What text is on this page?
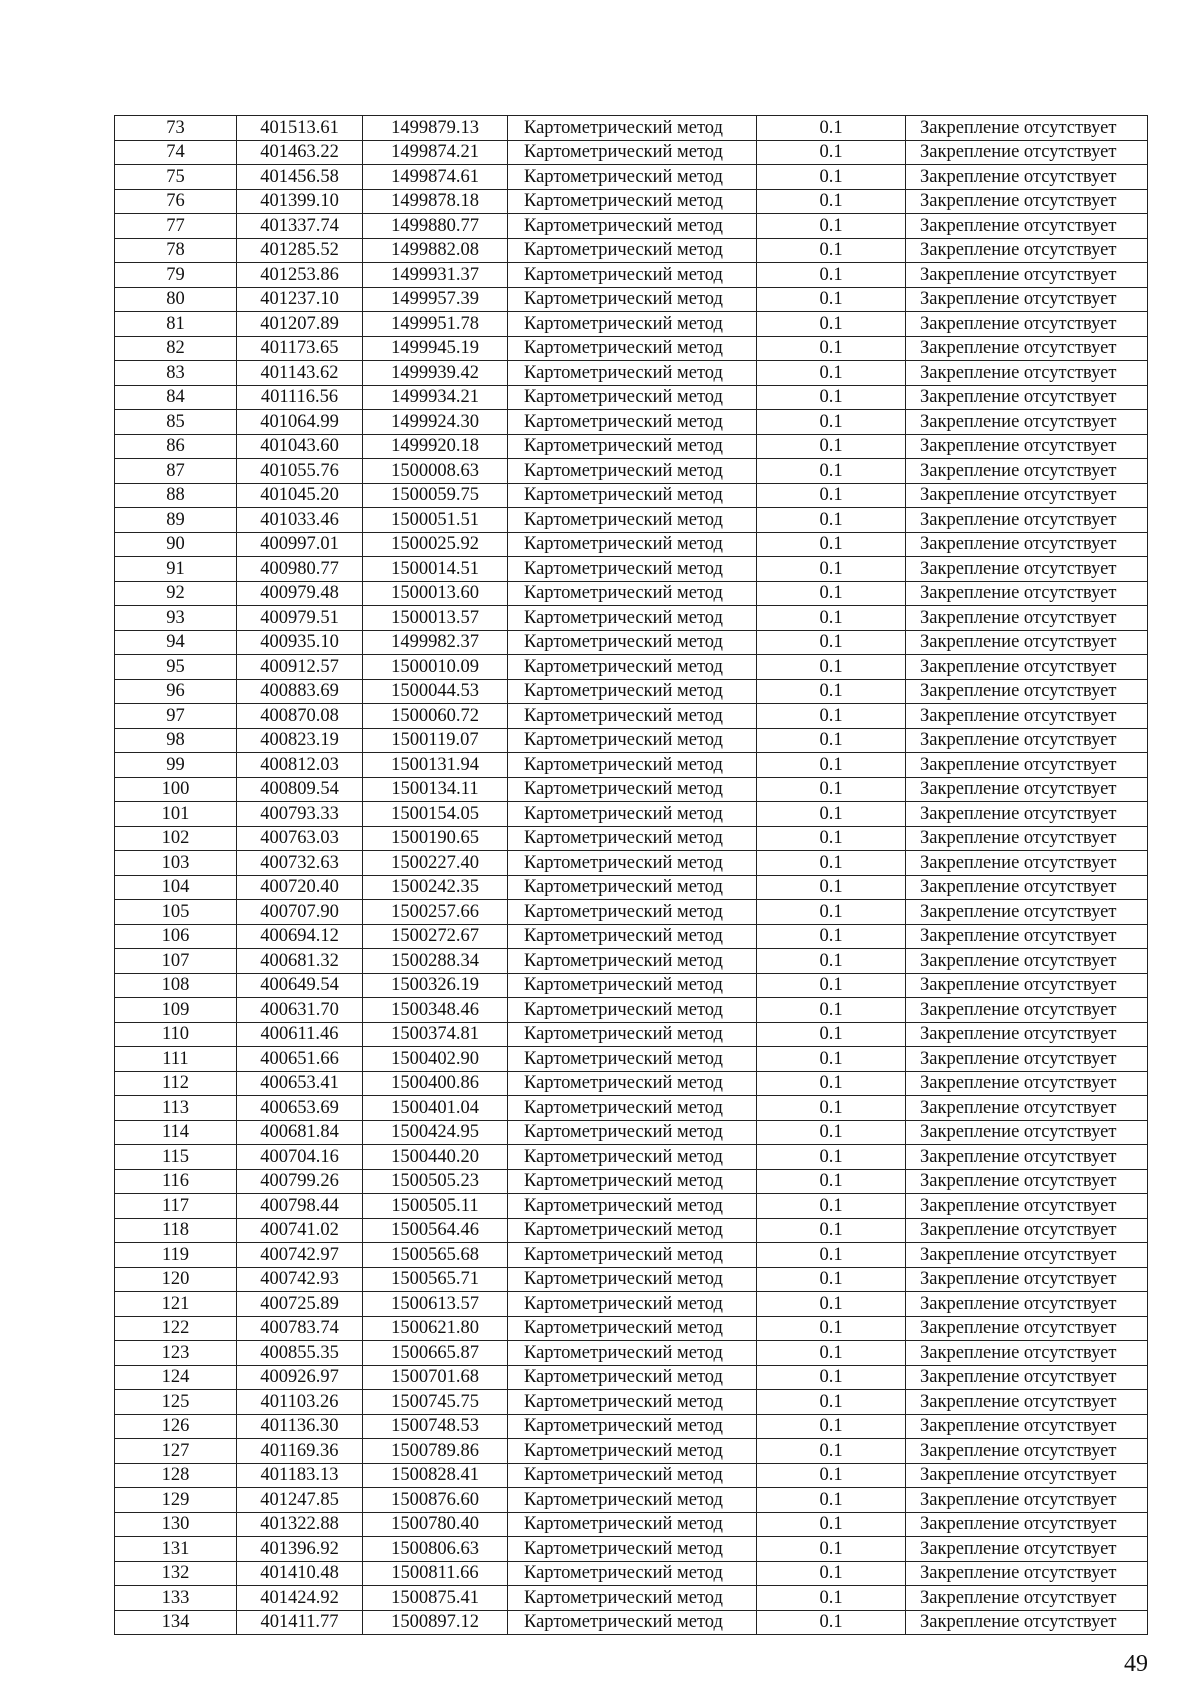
73	401513.61	1499879.13	Картометрический метод	0.1	Закрепление отсутствует
74	401463.22	1499874.21	Картометрический метод	0.1	Закрепление отсутствует
75	401456.58	1499874.61	Картометрический метод	0.1	Закрепление отсутствует
76	401399.10	1499878.18	Картометрический метод	0.1	Закрепление отсутствует
77	401337.74	1499880.77	Картометрический метод	0.1	Закрепление отсутствует
78	401285.52	1499882.08	Картометрический метод	0.1	Закрепление отсутствует
79	401253.86	1499931.37	Картометрический метод	0.1	Закрепление отсутствует
80	401237.10	1499957.39	Картометрический метод	0.1	Закрепление отсутствует
81	401207.89	1499951.78	Картометрический метод	0.1	Закрепление отсутствует
82	401173.65	1499945.19	Картометрический метод	0.1	Закрепление отсутствует
83	401143.62	1499939.42	Картометрический метод	0.1	Закрепление отсутствует
84	401116.56	1499934.21	Картометрический метод	0.1	Закрепление отсутствует
85	401064.99	1499924.30	Картометрический метод	0.1	Закрепление отсутствует
86	401043.60	1499920.18	Картометрический метод	0.1	Закрепление отсутствует
87	401055.76	1500008.63	Картометрический метод	0.1	Закрепление отсутствует
88	401045.20	1500059.75	Картометрический метод	0.1	Закрепление отсутствует
89	401033.46	1500051.51	Картометрический метод	0.1	Закрепление отсутствует
90	400997.01	1500025.92	Картометрический метод	0.1	Закрепление отсутствует
91	400980.77	1500014.51	Картометрический метод	0.1	Закрепление отсутствует
92	400979.48	1500013.60	Картометрический метод	0.1	Закрепление отсутствует
93	400979.51	1500013.57	Картометрический метод	0.1	Закрепление отсутствует
94	400935.10	1499982.37	Картометрический метод	0.1	Закрепление отсутствует
95	400912.57	1500010.09	Картометрический метод	0.1	Закрепление отсутствует
96	400883.69	1500044.53	Картометрический метод	0.1	Закрепление отсутствует
97	400870.08	1500060.72	Картометрический метод	0.1	Закрепление отсутствует
98	400823.19	1500119.07	Картометрический метод	0.1	Закрепление отсутствует
99	400812.03	1500131.94	Картометрический метод	0.1	Закрепление отсутствует
100	400809.54	1500134.11	Картометрический метод	0.1	Закрепление отсутствует
101	400793.33	1500154.05	Картометрический метод	0.1	Закрепление отсутствует
102	400763.03	1500190.65	Картометрический метод	0.1	Закрепление отсутствует
103	400732.63	1500227.40	Картометрический метод	0.1	Закрепление отсутствует
104	400720.40	1500242.35	Картометрический метод	0.1	Закрепление отсутствует
105	400707.90	1500257.66	Картометрический метод	0.1	Закрепление отсутствует
106	400694.12	1500272.67	Картометрический метод	0.1	Закрепление отсутствует
107	400681.32	1500288.34	Картометрический метод	0.1	Закрепление отсутствует
108	400649.54	1500326.19	Картометрический метод	0.1	Закрепление отсутствует
109	400631.70	1500348.46	Картометрический метод	0.1	Закрепление отсутствует
110	400611.46	1500374.81	Картометрический метод	0.1	Закрепление отсутствует
111	400651.66	1500402.90	Картометрический метод	0.1	Закрепление отсутствует
112	400653.41	1500400.86	Картометрический метод	0.1	Закрепление отсутствует
113	400653.69	1500401.04	Картометрический метод	0.1	Закрепление отсутствует
114	400681.84	1500424.95	Картометрический метод	0.1	Закрепление отсутствует
115	400704.16	1500440.20	Картометрический метод	0.1	Закрепление отсутствует
116	400799.26	1500505.23	Картометрический метод	0.1	Закрепление отсутствует
117	400798.44	1500505.11	Картометрический метод	0.1	Закрепление отсутствует
118	400741.02	1500564.46	Картометрический метод	0.1	Закрепление отсутствует
119	400742.97	1500565.68	Картометрический метод	0.1	Закрепление отсутствует
120	400742.93	1500565.71	Картометрический метод	0.1	Закрепление отсутствует
121	400725.89	1500613.57	Картометрический метод	0.1	Закрепление отсутствует
122	400783.74	1500621.80	Картометрический метод	0.1	Закрепление отсутствует
123	400855.35	1500665.87	Картометрический метод	0.1	Закрепление отсутствует
124	400926.97	1500701.68	Картометрический метод	0.1	Закрепление отсутствует
125	401103.26	1500745.75	Картометрический метод	0.1	Закрепление отсутствует
126	401136.30	1500748.53	Картометрический метод	0.1	Закрепление отсутствует
127	401169.36	1500789.86	Картометрический метод	0.1	Закрепление отсутствует
128	401183.13	1500828.41	Картометрический метод	0.1	Закрепление отсутствует
129	401247.85	1500876.60	Картометрический метод	0.1	Закрепление отсутствует
130	401322.88	1500780.40	Картометрический метод	0.1	Закрепление отсутствует
131	401396.92	1500806.63	Картометрический метод	0.1	Закрепление отсутствует
132	401410.48	1500811.66	Картометрический метод	0.1	Закрепление отсутствует
133	401424.92	1500875.41	Картометрический метод	0.1	Закрепление отсутствует
134	401411.77	1500897.12	Картометрический метод	0.1	Закрепление отсутствует
49
